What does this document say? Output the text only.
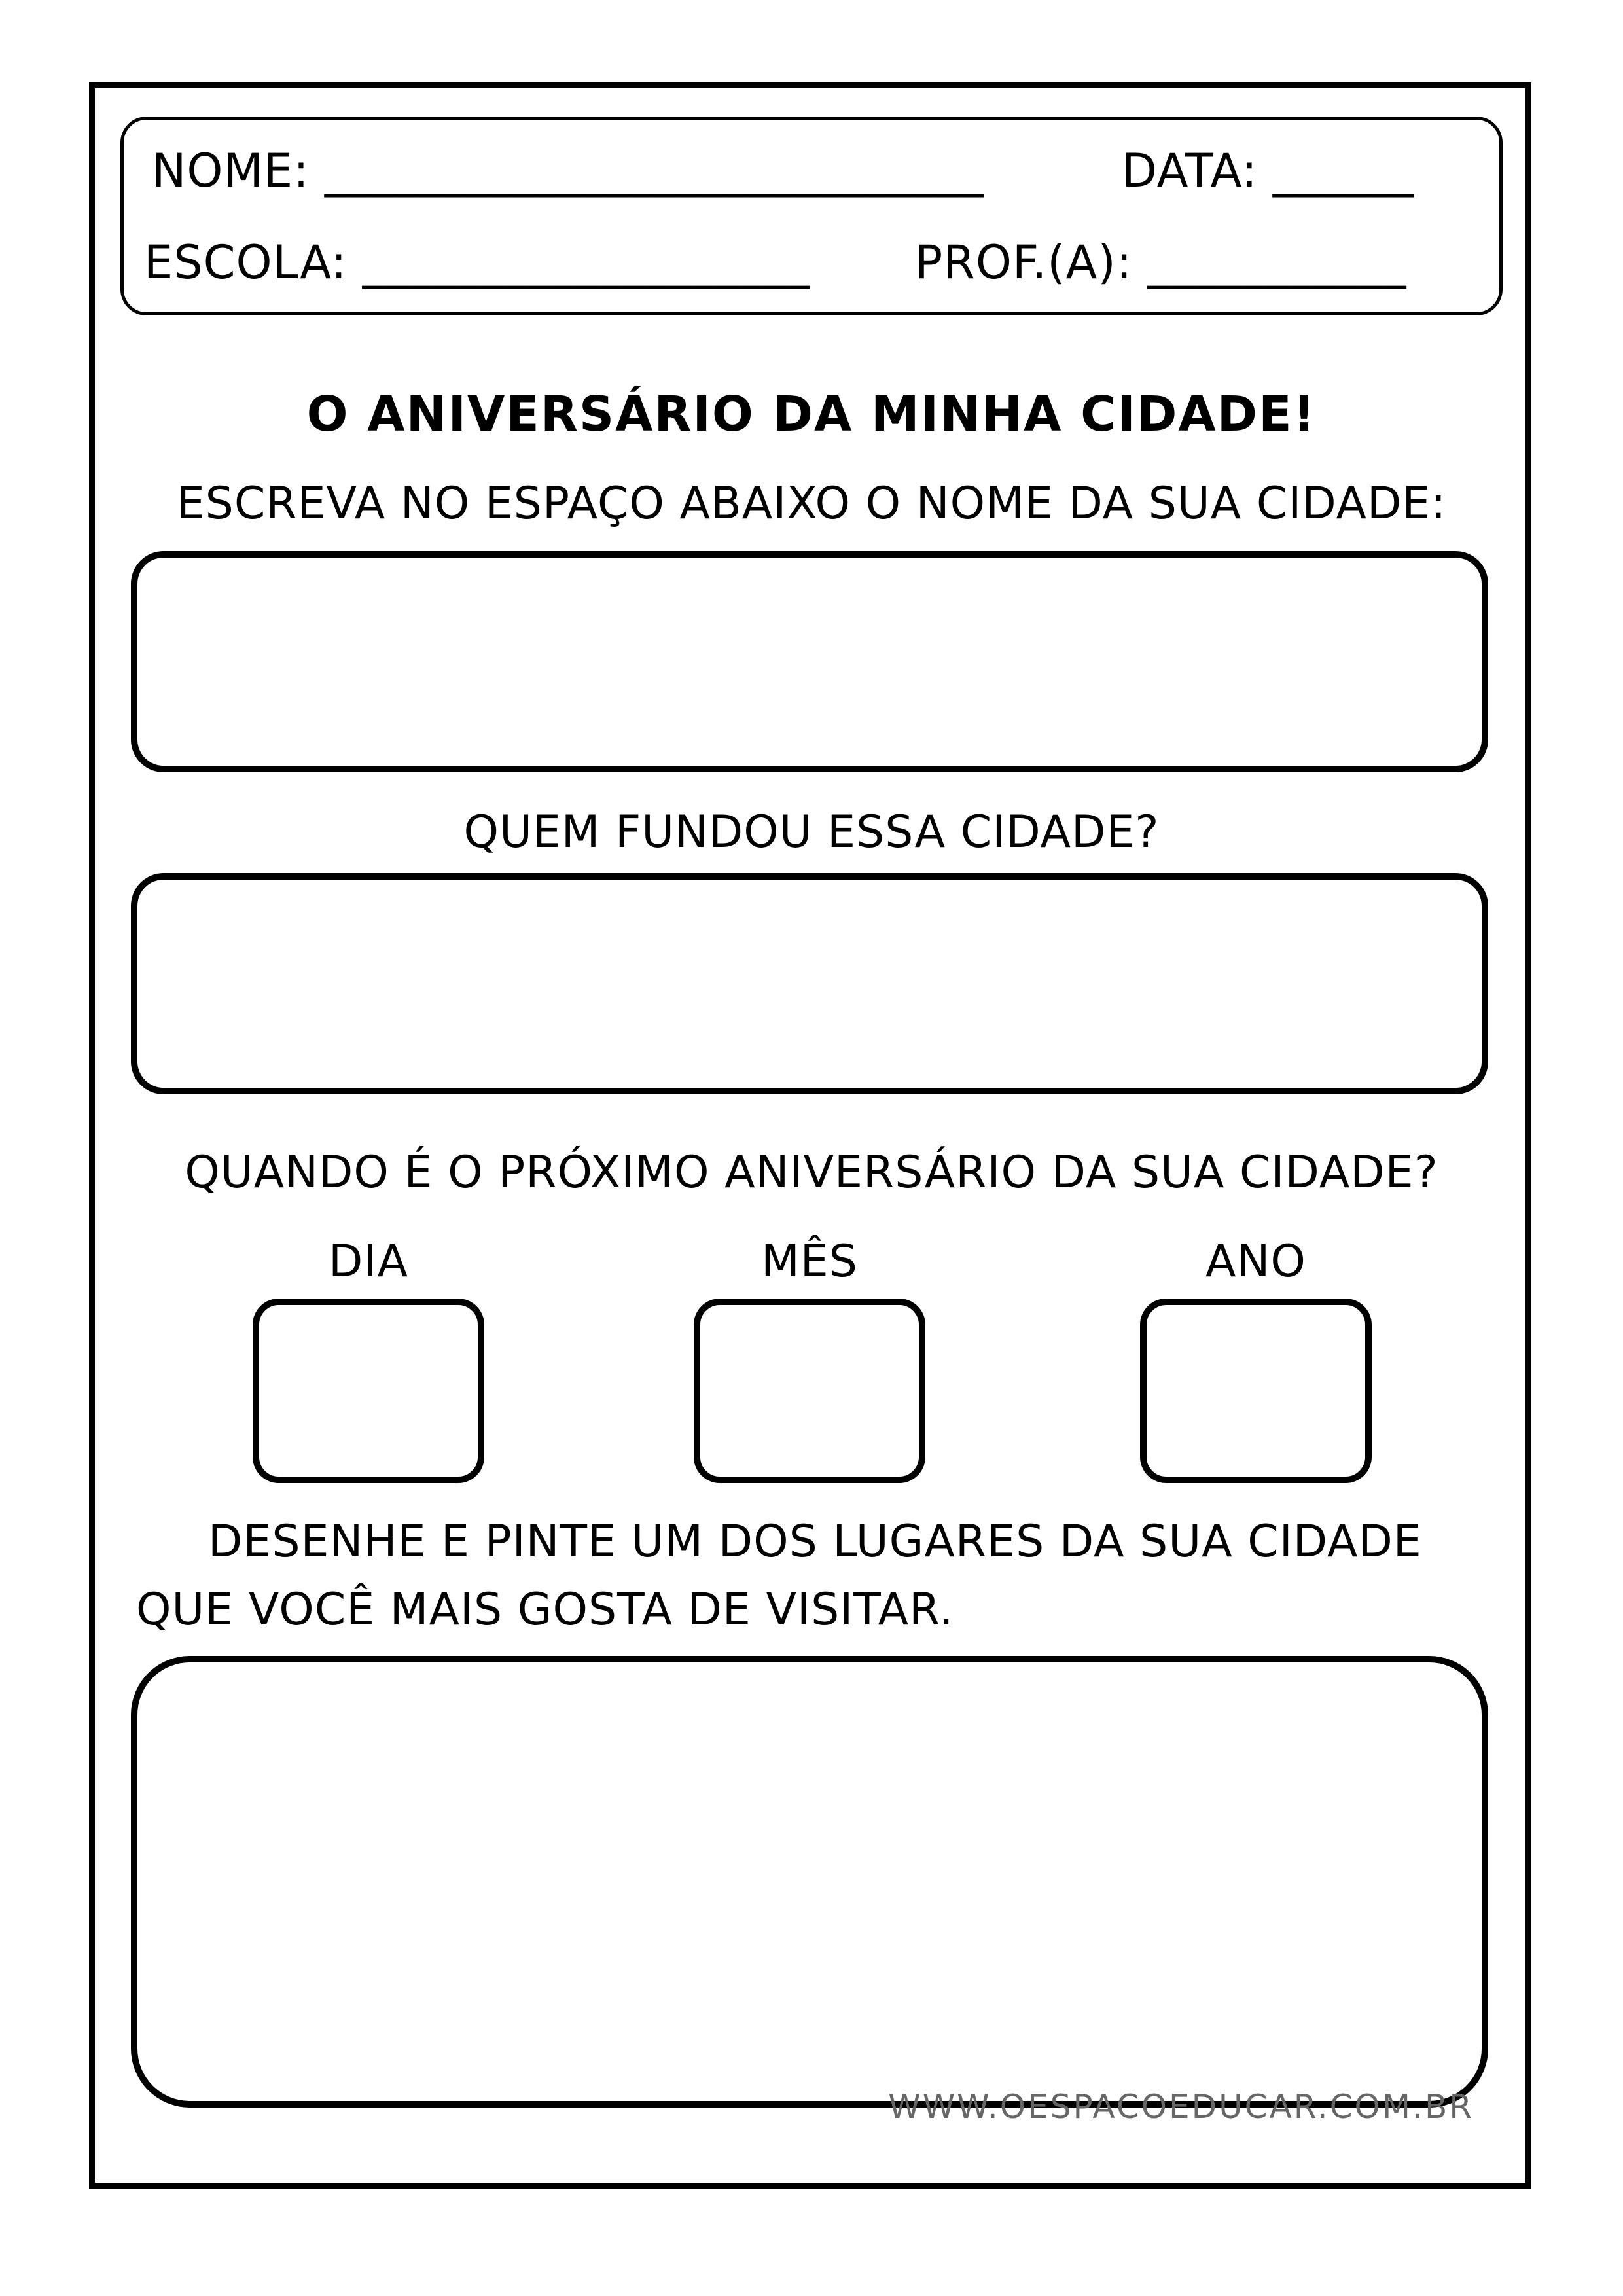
NOME: ____________________________	DATA: ______
ESCOLA: ___________________ PROF.(A): ___________
O ANIVERSÁRIO DA MINHA CIDADE!
ESCREVA NO ESPAÇO ABAIXO O NOME DA SUA CIDADE:
QUEM FUNDOU ESSA CIDADE?
QUANDO É O PRÓXIMO ANIVERSÁRIO DA SUA CIDADE?
DIA	MÊS	ANO
DESENHE E PINTE UM DOS LUGARES DA SUA CIDADE
QUE VOCÊ MAIS GOSTA DE VISITAR.
WWW.OESPACOEDUCAR.COM.BR
